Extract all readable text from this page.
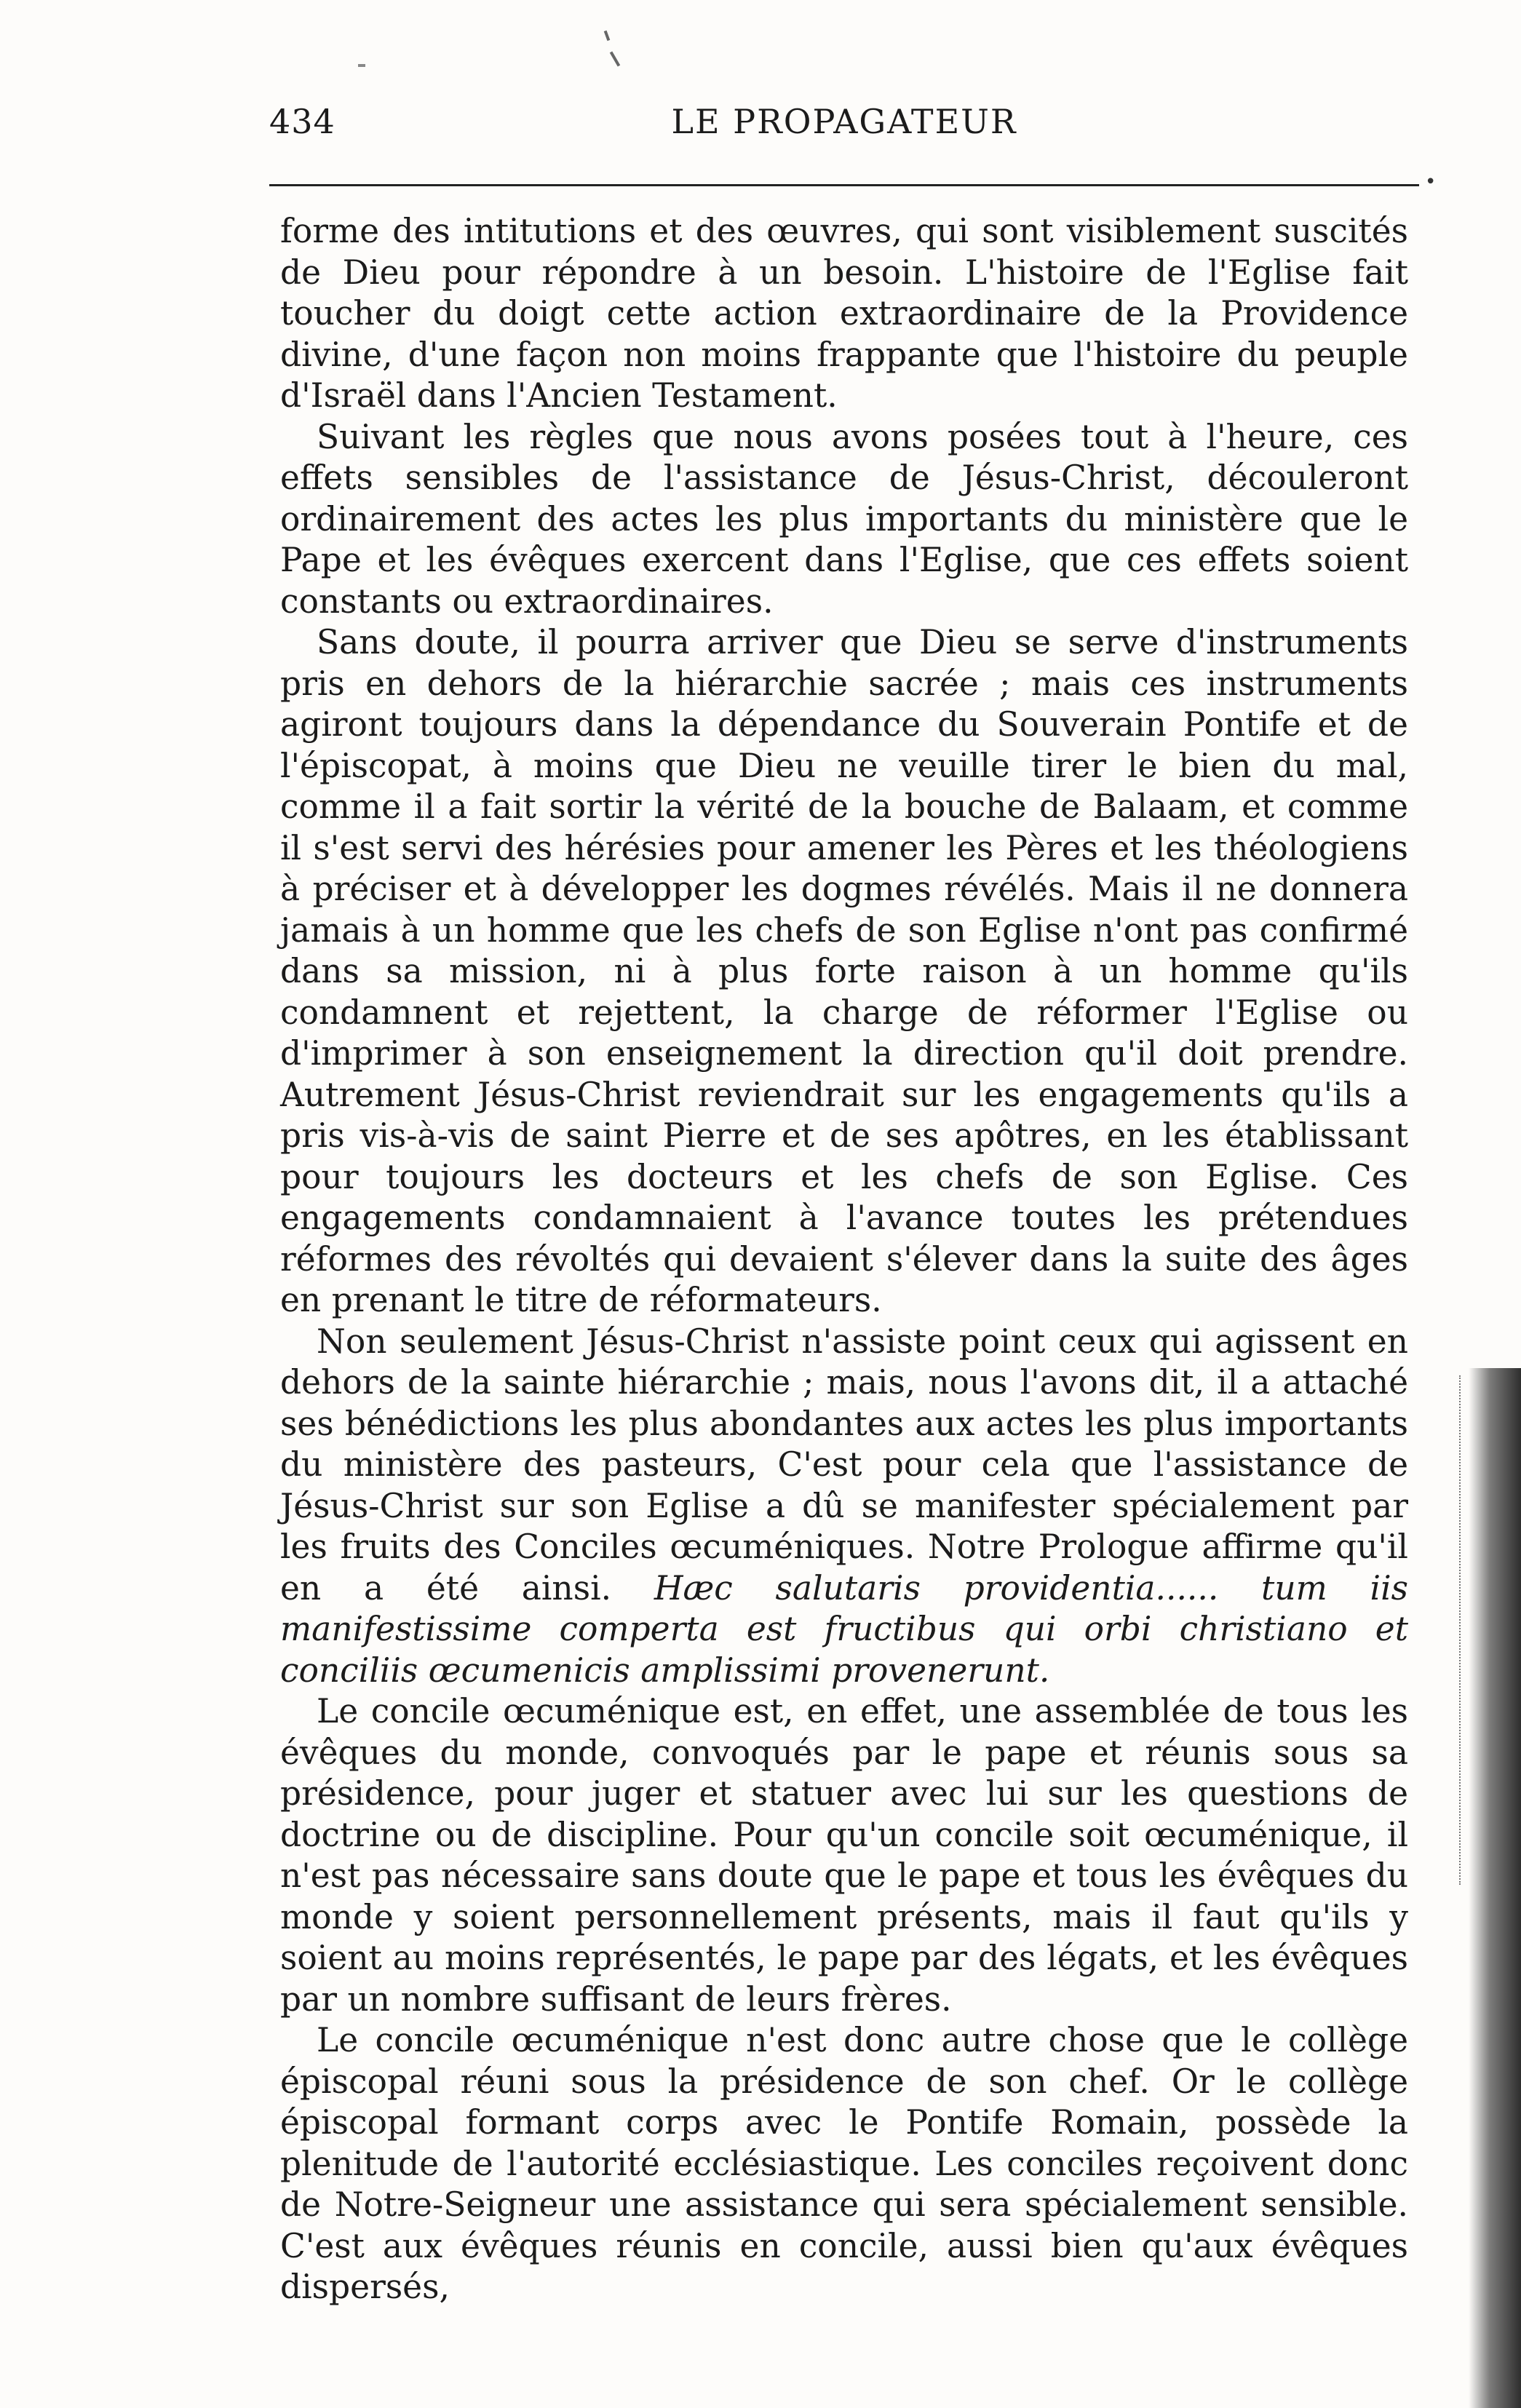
434	LE PROPAGATEUR
•

forme des intitutions et des œuvres, qui sont visiblement suscités de Dieu pour répondre à un besoin. L'histoire de l'Eglise fait toucher du doigt cette action extraordinaire de la Providence divine, d'une façon non moins frappante que l'histoire du peuple d'Israël dans l'Ancien Testament.

Suivant les règles que nous avons posées tout à l'heure, ces effets sensibles de l'assistance de Jésus-Christ, découleront ordinairement des actes les plus importants du ministère que le Pape et les évêques exercent dans l'Eglise, que ces effets soient constants ou extraordinaires.

Sans doute, il pourra arriver que Dieu se serve d'instruments pris en dehors de la hiérarchie sacrée ; mais ces instruments agiront toujours dans la dépendance du Souverain Pontife et de l'épiscopat, à moins que Dieu ne veuille tirer le bien du mal, comme il a fait sortir la vérité de la bouche de Balaam, et comme il s'est servi des hérésies pour amener les Pères et les théologiens à préciser et à développer les dogmes révélés. Mais il ne donnera jamais à un homme que les chefs de son Eglise n'ont pas confirmé dans sa mission, ni à plus forte raison à un homme qu'ils condamnent et rejettent, la charge de réformer l'Eglise ou d'imprimer à son enseignement la direction qu'il doit prendre. Autrement Jésus-Christ reviendrait sur les engagements qu'ils a pris vis-à-vis de saint Pierre et de ses apôtres, en les établissant pour toujours les docteurs et les chefs de son Eglise. Ces engagements condamnaient à l'avance toutes les prétendues réformes des révoltés qui devaient s'élever dans la suite des âges en prenant le titre de réformateurs.

Non seulement Jésus-Christ n'assiste point ceux qui agissent en dehors de la sainte hiérarchie ; mais, nous l'avons dit, il a attaché ses bénédictions les plus abondantes aux actes les plus importants du ministère des pasteurs, C'est pour cela que l'assistance de Jésus-Christ sur son Eglise a dû se manifester spécialement par les fruits des Conciles œcuméniques. Notre Prologue affirme qu'il en a été ainsi. Hæc salutaris providentia...... tum iis manifestissime comperta est fructibus qui orbi christiano et conciliis œcumenicis amplissimi provenerunt.

Le concile œcuménique est, en effet, une assemblée de tous les évêques du monde, convoqués par le pape et réunis sous sa présidence, pour juger et statuer avec lui sur les questions de doctrine ou de discipline. Pour qu'un concile soit œcuménique, il n'est pas nécessaire sans doute que le pape et tous les évêques du monde y soient personnellement présents, mais il faut qu'ils y soient au moins représentés, le pape par des légats, et les évêques par un nombre suffisant de leurs frères.

Le concile œcuménique n'est donc autre chose que le collège épiscopal réuni sous la présidence de son chef. Or le collège épiscopal formant corps avec le Pontife Romain, possède la plenitude de l'autorité ecclésiastique. Les conciles reçoivent donc de Notre-Seigneur une assistance qui sera spécialement sensible. C'est aux évêques réunis en concile, aussi bien qu'aux évêques dispersés,
